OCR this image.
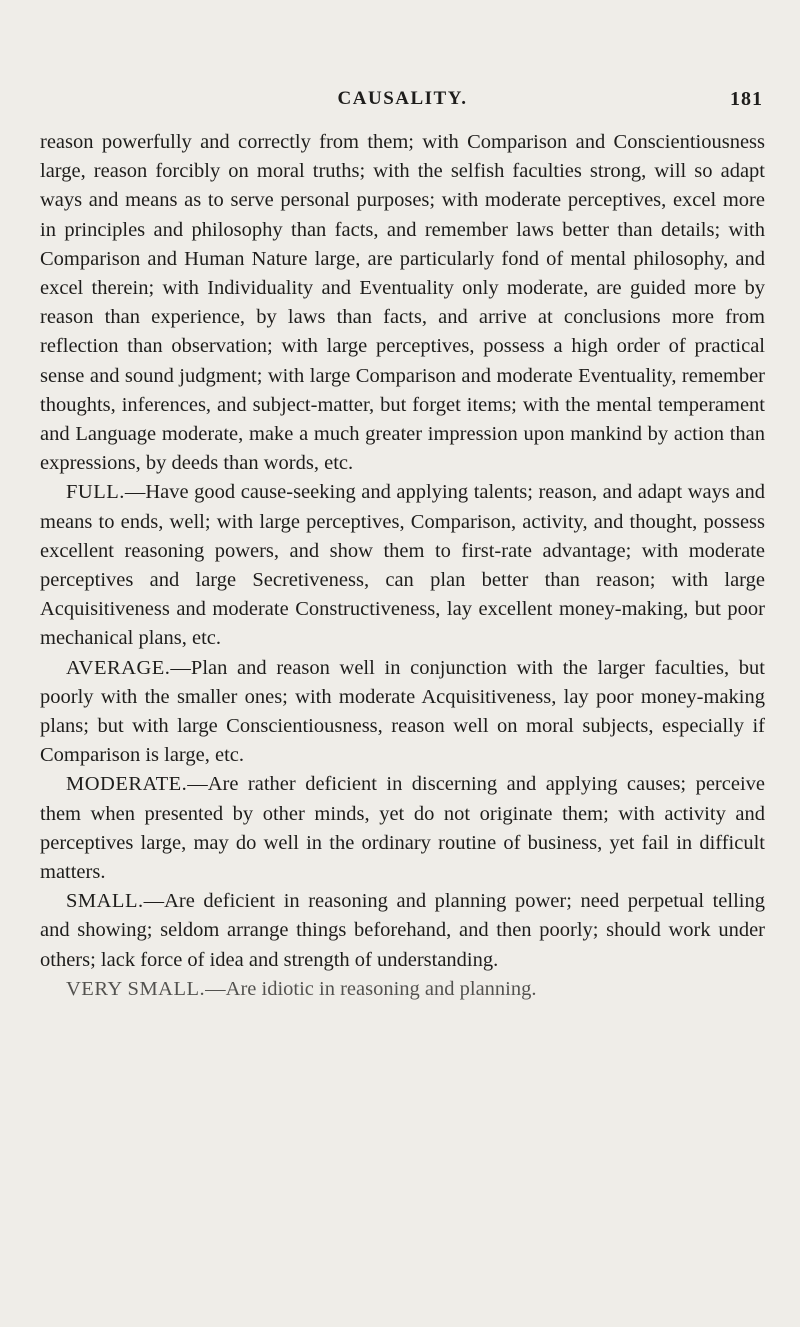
CAUSALITY.	181

reason powerfully and correctly from them; with Comparison and Conscientiousness large, reason forcibly on moral truths; with the selfish faculties strong, will so adapt ways and means as to serve personal purposes; with moderate perceptives, excel more in principles and philosophy than facts, and remember laws better than details; with Comparison and Human Nature large, are particularly fond of mental philosophy, and excel therein; with Individuality and Eventuality only moderate, are guided more by reason than experience, by laws than facts, and arrive at conclusions more from reflection than observation; with large perceptives, possess a high order of practical sense and sound judgment; with large Comparison and moderate Eventuality, remember thoughts, inferences, and subject-matter, but forget items; with the mental temperament and Language moderate, make a much greater impression upon mankind by action than expressions, by deeds than words, etc.

FULL.—Have good cause-seeking and applying talents; reason, and adapt ways and means to ends, well; with large perceptives, Comparison, activity, and thought, possess excellent reasoning powers, and show them to first-rate advantage; with moderate perceptives and large Secretiveness, can plan better than reason; with large Acquisitiveness and moderate Constructiveness, lay excellent money-making, but poor mechanical plans, etc.

AVERAGE.—Plan and reason well in conjunction with the larger faculties, but poorly with the smaller ones; with moderate Acquisitiveness, lay poor money-making plans; but with large Conscientiousness, reason well on moral subjects, especially if Comparison is large, etc.

MODERATE.—Are rather deficient in discerning and applying causes; perceive them when presented by other minds, yet do not originate them; with activity and perceptives large, may do well in the ordinary routine of business, yet fail in difficult matters.

SMALL.—Are deficient in reasoning and planning power; need perpetual telling and showing; seldom arrange things beforehand, and then poorly; should work under others; lack force of idea and strength of understanding.

VERY SMALL.—Are idiotic in reasoning and planning.
